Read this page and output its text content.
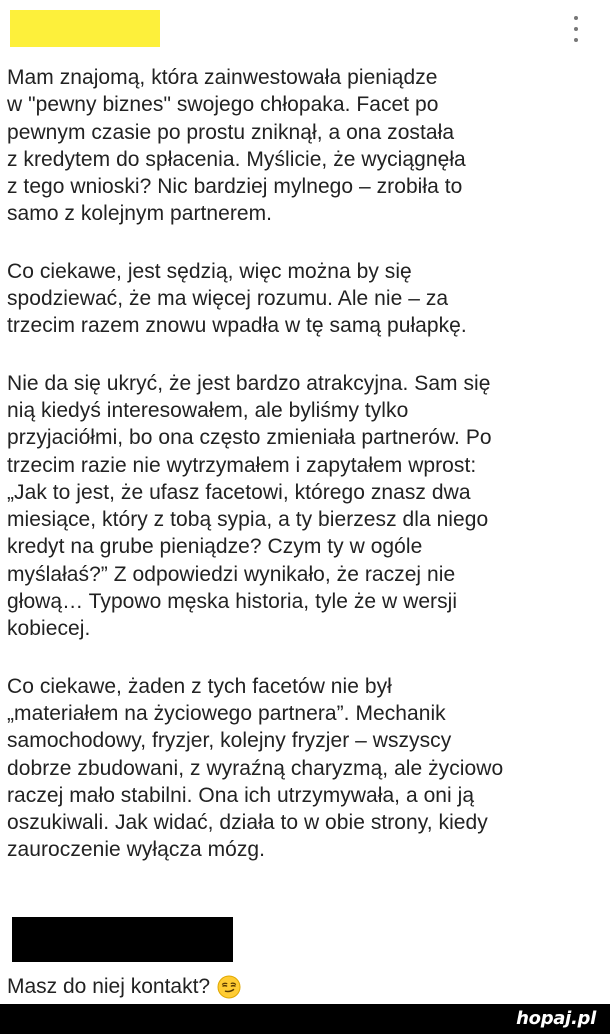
Mam znajomą, która zainwestowała pieniądze
w "pewny biznes" swojego chłopaka. Facet po
pewnym czasie po prostu zniknął, a ona została
z kredytem do spłacenia. Myślicie, że wyciągnęła
z tego wnioski? Nic bardziej mylnego – zrobiła to
samo z kolejnym partnerem.

Co ciekawe, jest sędzią, więc można by się
spodziewać, że ma więcej rozumu. Ale nie – za
trzecim razem znowu wpadła w tę samą pułapkę.

Nie da się ukryć, że jest bardzo atrakcyjna. Sam się
nią kiedyś interesowałem, ale byliśmy tylko
przyjaciółmi, bo ona często zmieniała partnerów. Po
trzecim razie nie wytrzymałem i zapytałem wprost:
„Jak to jest, że ufasz facetowi, którego znasz dwa
miesiące, który z tobą sypia, a ty bierzesz dla niego
kredyt na grube pieniądze? Czym ty w ogóle
myślałaś?” Z odpowiedzi wynikało, że raczej nie
głową… Typowo męska historia, tyle że w wersji
kobiecej.

Co ciekawe, żaden z tych facetów nie był
„materiałem na życiowego partnera”. Mechanik
samochodowy, fryzjer, kolejny fryzjer – wszyscy
dobrze zbudowani, z wyraźną charyzmą, ale życiowo
raczej mało stabilni. Ona ich utrzymywała, a oni ją
oszukiwali. Jak widać, działa to w obie strony, kiedy
zauroczenie wyłącza mózg.

Masz do niej kontakt?
hopaj.pl
